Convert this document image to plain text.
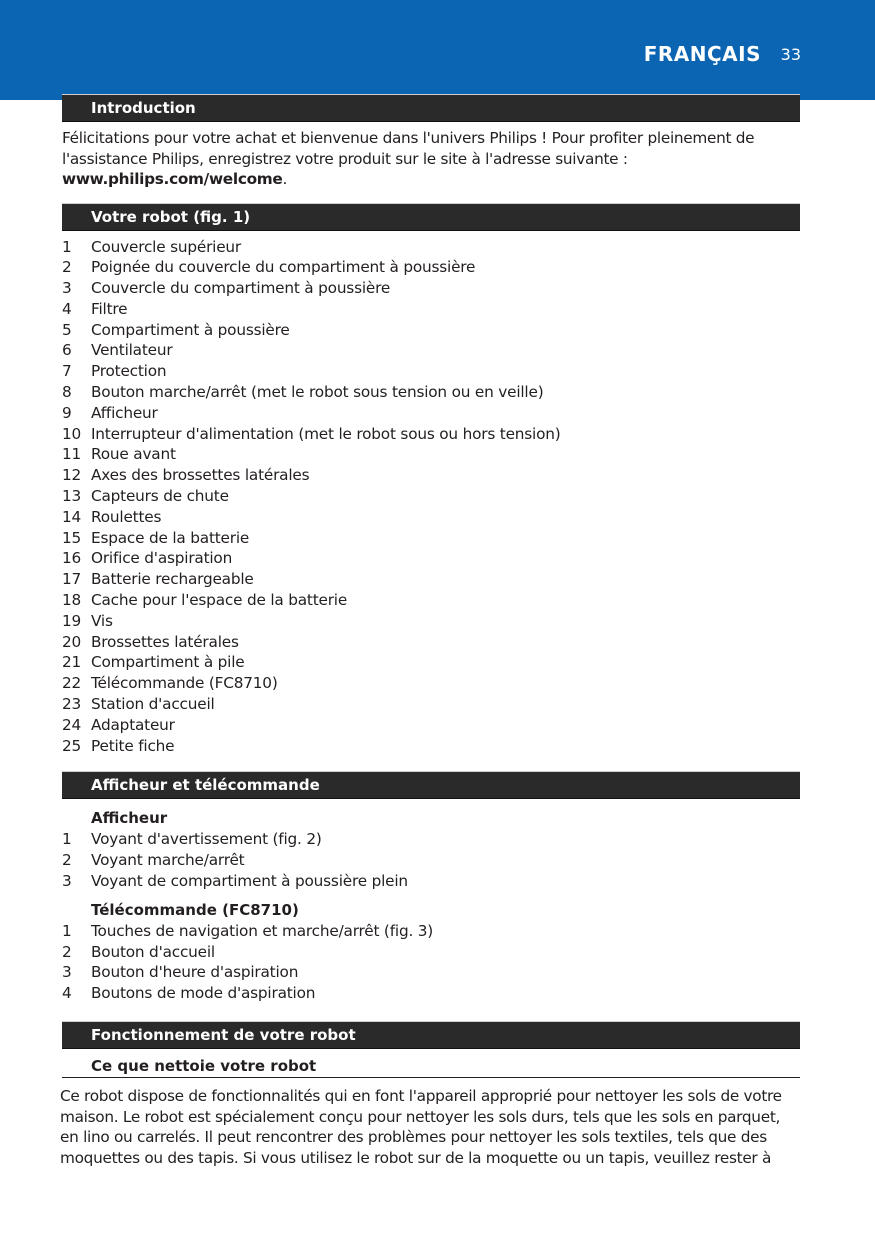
FRANÇAIS 33
Introduction

Félicitations pour votre achat et bienvenue dans l'univers Philips ! Pour profiter pleinement de l'assistance Philips, enregistrez votre produit sur le site à l'adresse suivante : www.philips.com/welcome.

Votre robot (fig. 1)
1	Couvercle supérieur
2	Poignée du couvercle du compartiment à poussière
3	Couvercle du compartiment à poussière
4	Filtre
5	Compartiment à poussière
6	Ventilateur
7	Protection
8	Bouton marche/arrêt (met le robot sous tension ou en veille)
9	Afficheur
10 Interrupteur d'alimentation (met le robot sous ou hors tension)
11 Roue avant
12 Axes des brossettes latérales
13 Capteurs de chute
14 Roulettes
15 Espace de la batterie
16 Orifice d'aspiration
17 Batterie rechargeable
18 Cache pour l'espace de la batterie
19 Vis
20 Brossettes latérales
21 Compartiment à pile
22 Télécommande (FC8710)
23 Station d'accueil
24 Adaptateur
25 Petite fiche
Afficheur et télécommande
Afficheur
1	Voyant d'avertissement (fig. 2)
2	Voyant marche/arrêt
3	Voyant de compartiment à poussière plein
Télécommande (FC8710)
1	Touches de navigation et marche/arrêt (fig. 3)
2	Bouton d'accueil
3	Bouton d'heure d'aspiration
4	Boutons de mode d'aspiration
Fonctionnement de votre robot
Ce que nettoie votre robot

Ce robot dispose de fonctionnalités qui en font l'appareil approprié pour nettoyer les sols de votre maison. Le robot est spécialement conçu pour nettoyer les sols durs, tels que les sols en parquet, en lino ou carrelés. Il peut rencontrer des problèmes pour nettoyer les sols textiles, tels que des moquettes ou des tapis. Si vous utilisez le robot sur de la moquette ou un tapis, veuillez rester à
